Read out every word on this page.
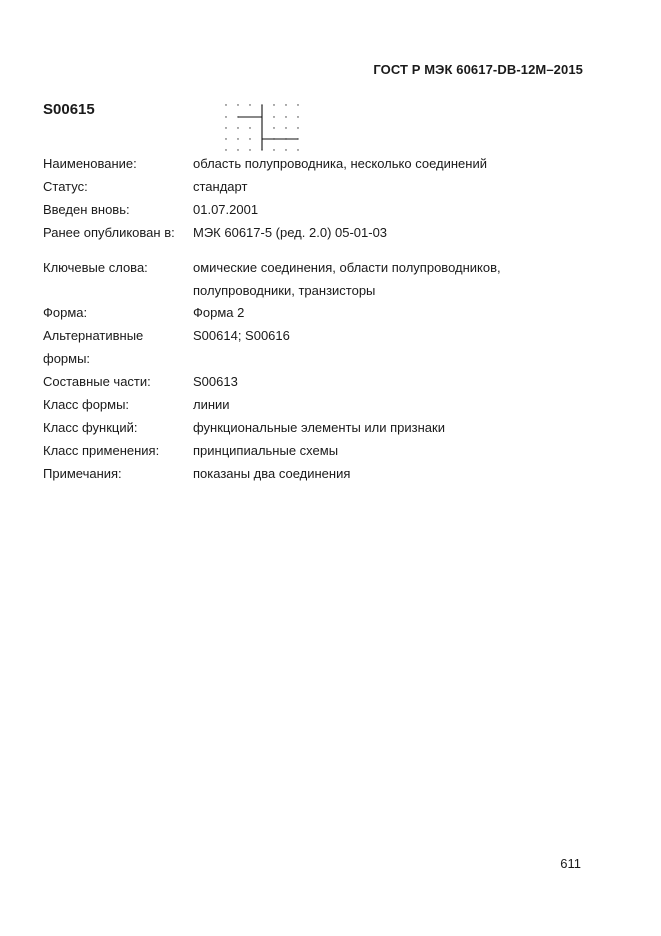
ГОСТ Р МЭК 60617-DB-12M–2015
S00615
Наименование:	область полупроводника, несколько соединений
Статус:	стандарт
Введен вновь:	01.07.2001
Ранее опубликован в: МЭК 60617-5 (ред. 2.0) 05-01-03
Ключевые слова:	омические соединения, области полупроводников,
полупроводники, транзисторы
Форма:	Форма 2
Альтернативные	S00614; S00616
формы:
Составные части:	S00613
Класс формы:	линии
Класс функций:	функциональные элементы или признаки
Класс применения:	принципиальные схемы
Примечания:	показаны два соединения
611
